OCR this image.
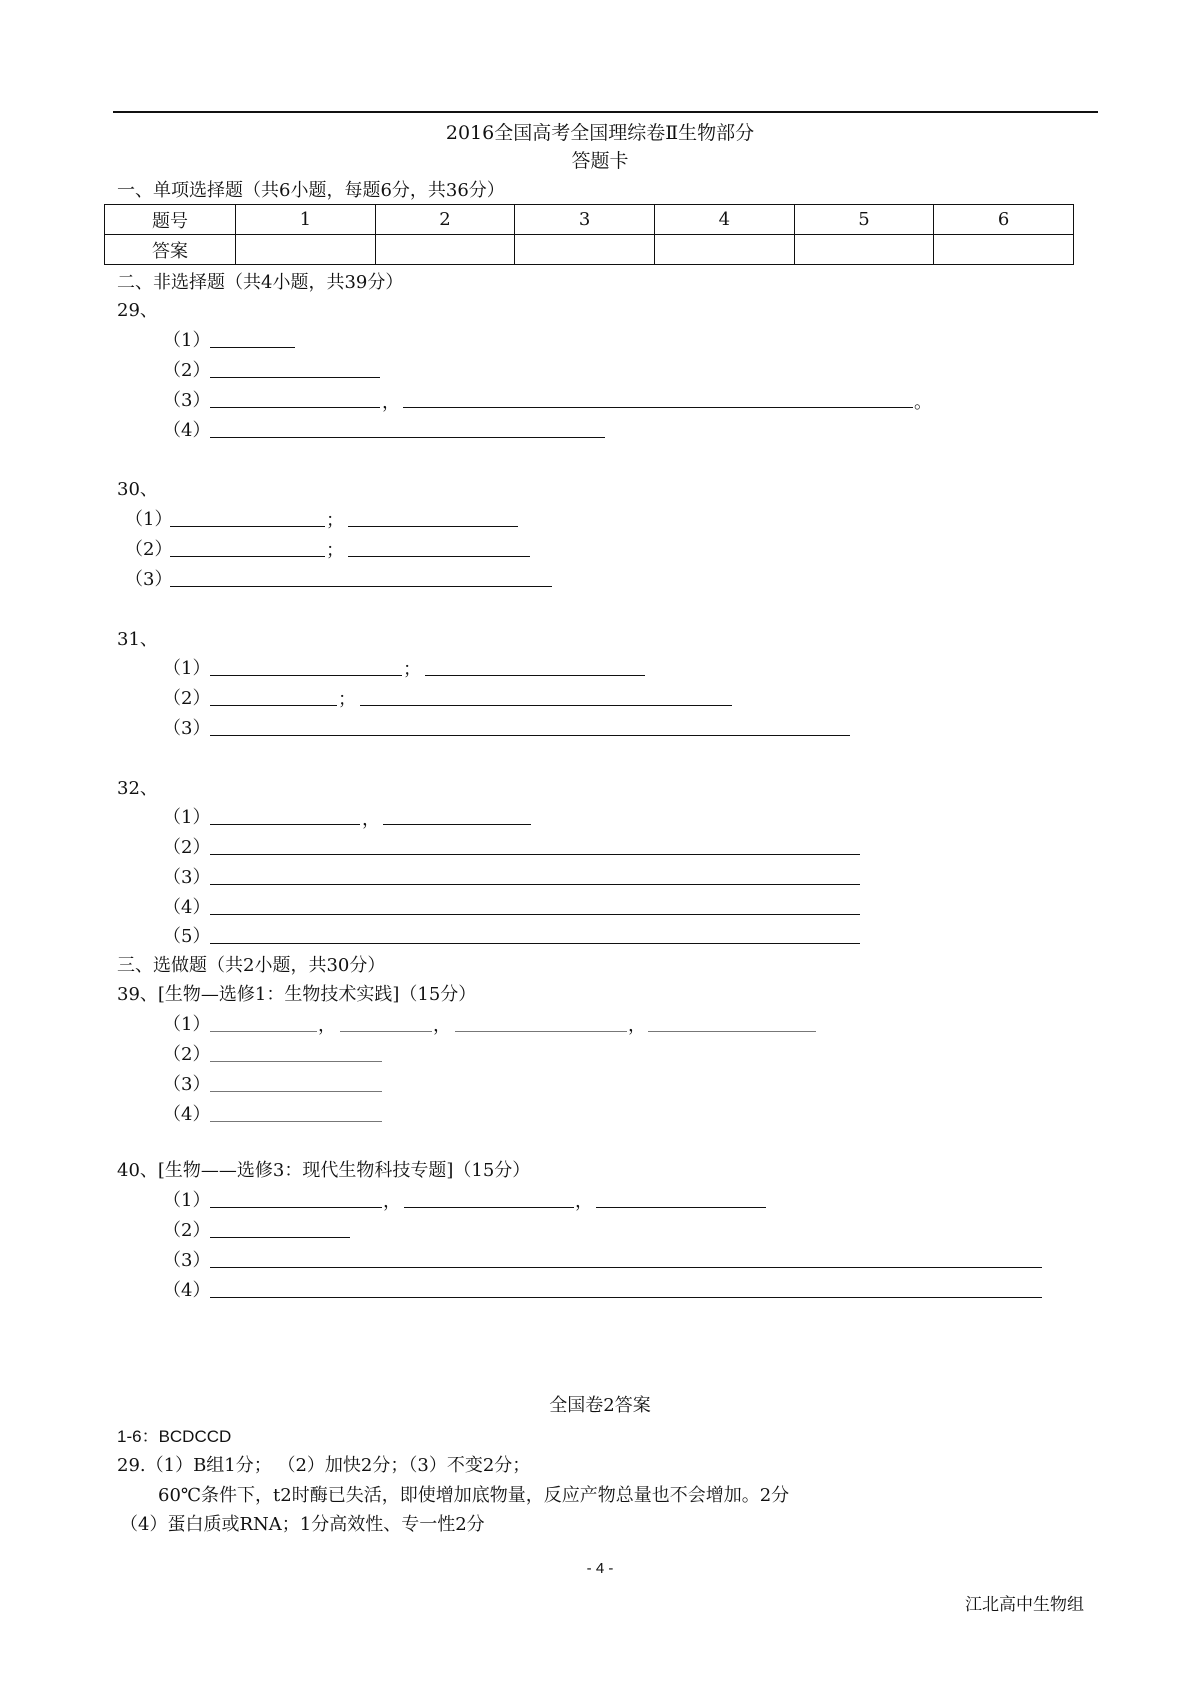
2016全国高考全国理综卷Ⅱ生物部分
答题卡
一、单项选择题（共6小题，每题6分，共36分）
题号	1	2	3	4	5	6
答案						
二、非选择题（共4小题，共39分）
29、
（1）
（2）
（3）	，	。
（4）
30、
（1）	；
（2）	；
（3）
31、
（1）	；
（2）	；
（3）
32、
（1）	，
（2）
（3）
（4）
（5）
三、选做题（共2小题，共30分）
39、[生物—选修1：生物技术实践]（15分）
（1）	，	，	，
（2）
（3）
（4）
40、[生物——选修3：现代生物科技专题]（15分）
（1）	，	，
（2）
（3）
（4）
全国卷2答案
1-6：BCDCCD
29.（1）B组1分； （2）加快2分；（3）不变2分；
60℃条件下，t2时酶已失活，即使增加底物量，反应产物总量也不会增加。2分
（4）蛋白质或RNA；1分高效性、专一性2分
- 4 -
江北高中生物组
